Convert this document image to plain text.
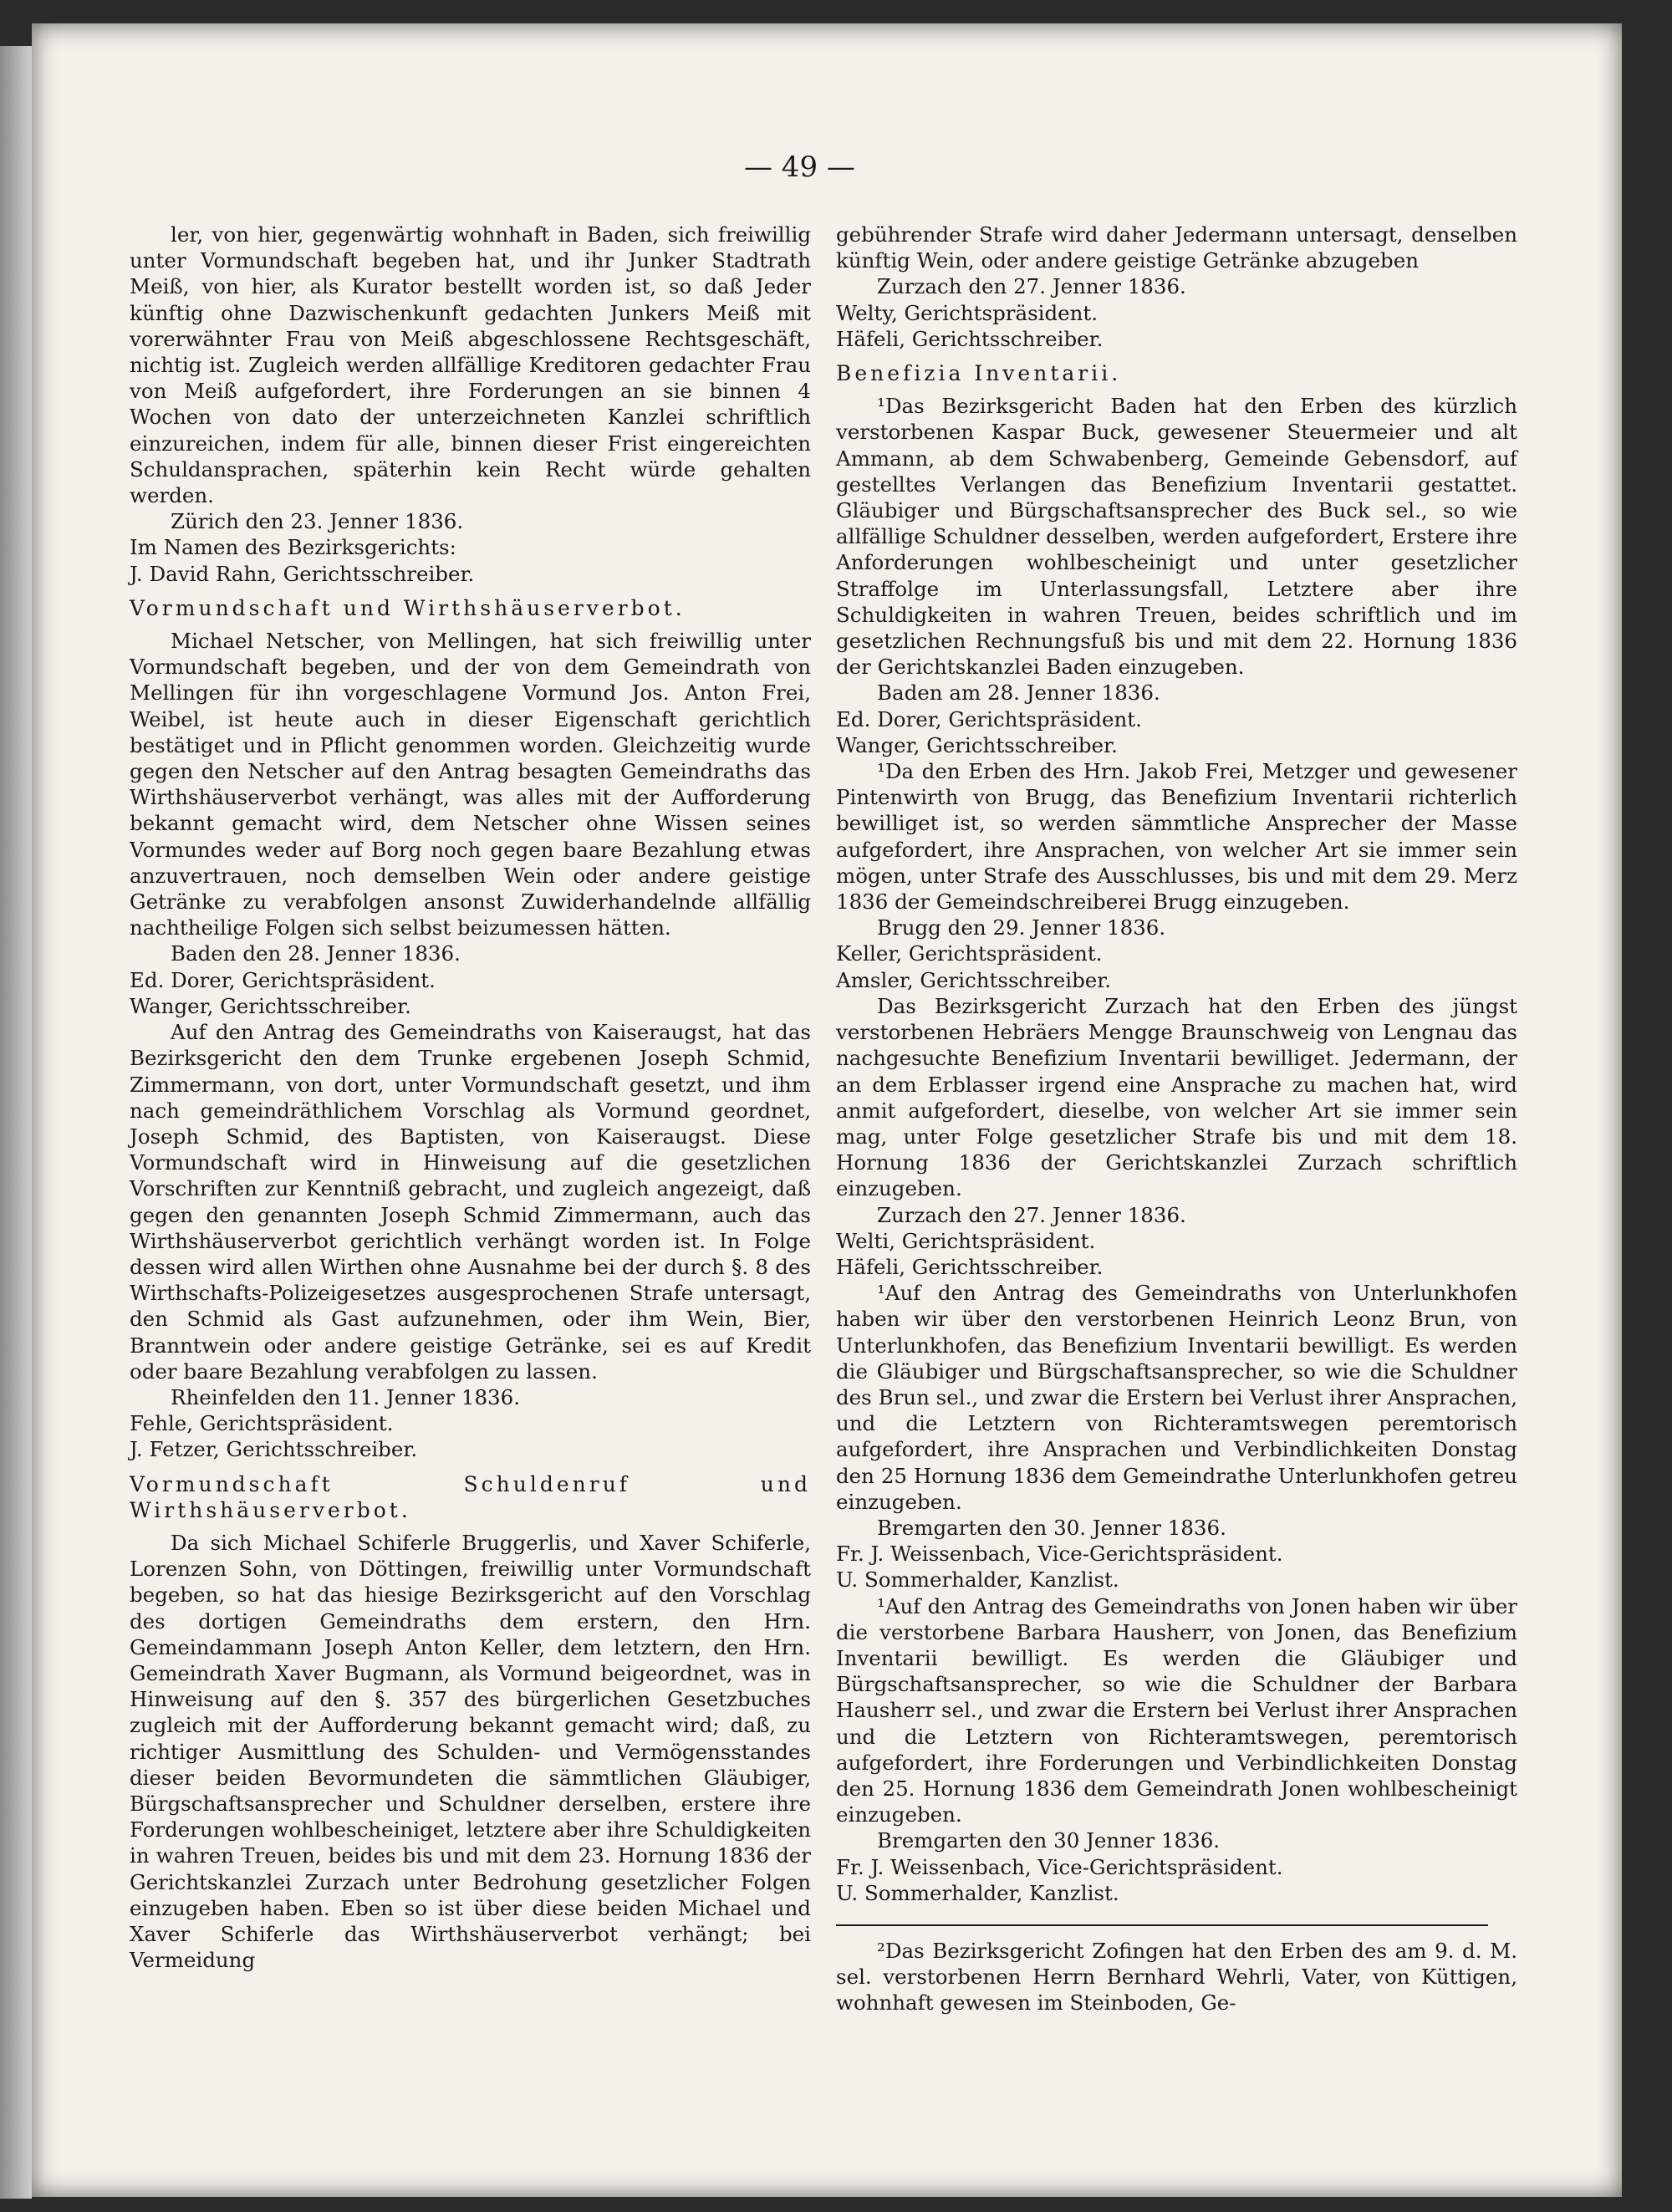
— 49 —

ler, von hier, gegenwärtig wohnhaft in Baden, sich freiwillig unter Vormundschaft begeben hat, und ihr Junker Stadtrath Meiß, von hier, als Kurator bestellt worden ist, so daß Jeder künftig ohne Dazwischenkunft gedachten Junkers Meiß mit vorerwähnter Frau von Meiß abgeschlossene Rechtsgeschäft, nichtig ist. Zugleich werden allfällige Kreditoren gedachter Frau von Meiß aufgefordert, ihre Forderungen an sie binnen 4 Wochen von dato der unterzeichneten Kanzlei schriftlich einzureichen, indem für alle, binnen dieser Frist eingereichten Schuldansprachen, späterhin kein Recht würde gehalten werden.

Zürich den 23. Jenner 1836.

Im Namen des Bezirksgerichts:

J. David Rahn, Gerichtsschreiber.

Vormundschaft und Wirthshäuserverbot.

Michael Netscher, von Mellingen, hat sich freiwillig unter Vormundschaft begeben, und der von dem Gemeindrath von Mellingen für ihn vorgeschlagene Vormund Jos. Anton Frei, Weibel, ist heute auch in dieser Eigenschaft gerichtlich bestätiget und in Pflicht genommen worden. Gleichzeitig wurde gegen den Netscher auf den Antrag besagten Gemeindraths das Wirthshäuserverbot verhängt, was alles mit der Aufforderung bekannt gemacht wird, dem Netscher ohne Wissen seines Vormundes weder auf Borg noch gegen baare Bezahlung etwas anzuvertrauen, noch demselben Wein oder andere geistige Getränke zu verabfolgen ansonst Zuwiderhandelnde allfällig nachtheilige Folgen sich selbst beizumessen hätten.

Baden den 28. Jenner 1836.

Ed. Dorer, Gerichtspräsident.

Wanger, Gerichtsschreiber.

Auf den Antrag des Gemeindraths von Kaiseraugst, hat das Bezirksgericht den dem Trunke ergebenen Joseph Schmid, Zimmermann, von dort, unter Vormundschaft gesetzt, und ihm nach gemeindräthlichem Vorschlag als Vormund geordnet, Joseph Schmid, des Baptisten, von Kaiseraugst. Diese Vormundschaft wird in Hinweisung auf die gesetzlichen Vorschriften zur Kenntniß gebracht, und zugleich angezeigt, daß gegen den genannten Joseph Schmid Zimmermann, auch das Wirthshäuserverbot gerichtlich verhängt worden ist. In Folge dessen wird allen Wirthen ohne Ausnahme bei der durch §. 8 des Wirthschafts-Polizeigesetzes ausgesprochenen Strafe untersagt, den Schmid als Gast aufzunehmen, oder ihm Wein, Bier, Branntwein oder andere geistige Getränke, sei es auf Kredit oder baare Bezahlung verabfolgen zu lassen.

Rheinfelden den 11. Jenner 1836.

Fehle, Gerichtspräsident.

J. Fetzer, Gerichtsschreiber.

Vormundschaft Schuldenruf und Wirthshäuserverbot.

Da sich Michael Schiferle Bruggerlis, und Xaver Schiferle, Lorenzen Sohn, von Döttingen, freiwillig unter Vormundschaft begeben, so hat das hiesige Bezirksgericht auf den Vorschlag des dortigen Gemeindraths dem erstern, den Hrn. Gemeindammann Joseph Anton Keller, dem letztern, den Hrn. Gemeindrath Xaver Bugmann, als Vormund beigeordnet, was in Hinweisung auf den §. 357 des bürgerlichen Gesetzbuches zugleich mit der Aufforderung bekannt gemacht wird; daß, zu richtiger Ausmittlung des Schulden- und Vermögensstandes dieser beiden Bevormundeten die sämmtlichen Gläubiger, Bürgschaftsansprecher und Schuldner derselben, erstere ihre Forderungen wohlbescheiniget, letztere aber ihre Schuldigkeiten in wahren Treuen, beides bis und mit dem 23. Hornung 1836 der Gerichtskanzlei Zurzach unter Bedrohung gesetzlicher Folgen einzugeben haben. Eben so ist über diese beiden Michael und Xaver Schiferle das Wirthshäuserverbot verhängt; bei Vermeidung

gebührender Strafe wird daher Jedermann untersagt, denselben künftig Wein, oder andere geistige Getränke abzugeben

Zurzach den 27. Jenner 1836.

Welty, Gerichtspräsident.

Häfeli, Gerichtsschreiber.

Benefizia Inventarii.

¹Das Bezirksgericht Baden hat den Erben des kürzlich verstorbenen Kaspar Buck, gewesener Steuermeier und alt Ammann, ab dem Schwabenberg, Gemeinde Gebensdorf, auf gestelltes Verlangen das Benefizium Inventarii gestattet. Gläubiger und Bürgschaftsansprecher des Buck sel., so wie allfällige Schuldner desselben, werden aufgefordert, Erstere ihre Anforderungen wohlbescheinigt und unter gesetzlicher Straffolge im Unterlassungsfall, Letztere aber ihre Schuldigkeiten in wahren Treuen, beides schriftlich und im gesetzlichen Rechnungsfuß bis und mit dem 22. Hornung 1836 der Gerichtskanzlei Baden einzugeben.

Baden am 28. Jenner 1836.

Ed. Dorer, Gerichtspräsident.

Wanger, Gerichtsschreiber.

¹Da den Erben des Hrn. Jakob Frei, Metzger und gewesener Pintenwirth von Brugg, das Benefizium Inventarii richterlich bewilliget ist, so werden sämmtliche Ansprecher der Masse aufgefordert, ihre Ansprachen, von welcher Art sie immer sein mögen, unter Strafe des Ausschlusses, bis und mit dem 29. Merz 1836 der Gemeindschreiberei Brugg einzugeben.

Brugg den 29. Jenner 1836.

Keller, Gerichtspräsident.

Amsler, Gerichtsschreiber.

Das Bezirksgericht Zurzach hat den Erben des jüngst verstorbenen Hebräers Mengge Braunschweig von Lengnau das nachgesuchte Benefizium Inventarii bewilliget. Jedermann, der an dem Erblasser irgend eine Ansprache zu machen hat, wird anmit aufgefordert, dieselbe, von welcher Art sie immer sein mag, unter Folge gesetzlicher Strafe bis und mit dem 18. Hornung 1836 der Gerichtskanzlei Zurzach schriftlich einzugeben.

Zurzach den 27. Jenner 1836.

Welti, Gerichtspräsident.

Häfeli, Gerichtsschreiber.

¹Auf den Antrag des Gemeindraths von Unterlunkhofen haben wir über den verstorbenen Heinrich Leonz Brun, von Unterlunkhofen, das Benefizium Inventarii bewilligt. Es werden die Gläubiger und Bürgschaftsansprecher, so wie die Schuldner des Brun sel., und zwar die Erstern bei Verlust ihrer Ansprachen, und die Letztern von Richteramtswegen peremtorisch aufgefordert, ihre Ansprachen und Verbindlichkeiten Donstag den 25 Hornung 1836 dem Gemeindrathe Unterlunkhofen getreu einzugeben.

Bremgarten den 30. Jenner 1836.

Fr. J. Weissenbach, Vice-Gerichtspräsident.

U. Sommerhalder, Kanzlist.

¹Auf den Antrag des Gemeindraths von Jonen haben wir über die verstorbene Barbara Hausherr, von Jonen, das Benefizium Inventarii bewilligt. Es werden die Gläubiger und Bürgschaftsansprecher, so wie die Schuldner der Barbara Hausherr sel., und zwar die Erstern bei Verlust ihrer Ansprachen und die Letztern von Richteramtswegen, peremtorisch aufgefordert, ihre Forderungen und Verbindlichkeiten Donstag den 25. Hornung 1836 dem Gemeindrath Jonen wohlbescheinigt einzugeben.

Bremgarten den 30 Jenner 1836.

Fr. J. Weissenbach, Vice-Gerichtspräsident.

U. Sommerhalder, Kanzlist.

²Das Bezirksgericht Zofingen hat den Erben des am 9. d. M. sel. verstorbenen Herrn Bernhard Wehrli, Vater, von Küttigen, wohnhaft gewesen im Steinboden, Ge-
